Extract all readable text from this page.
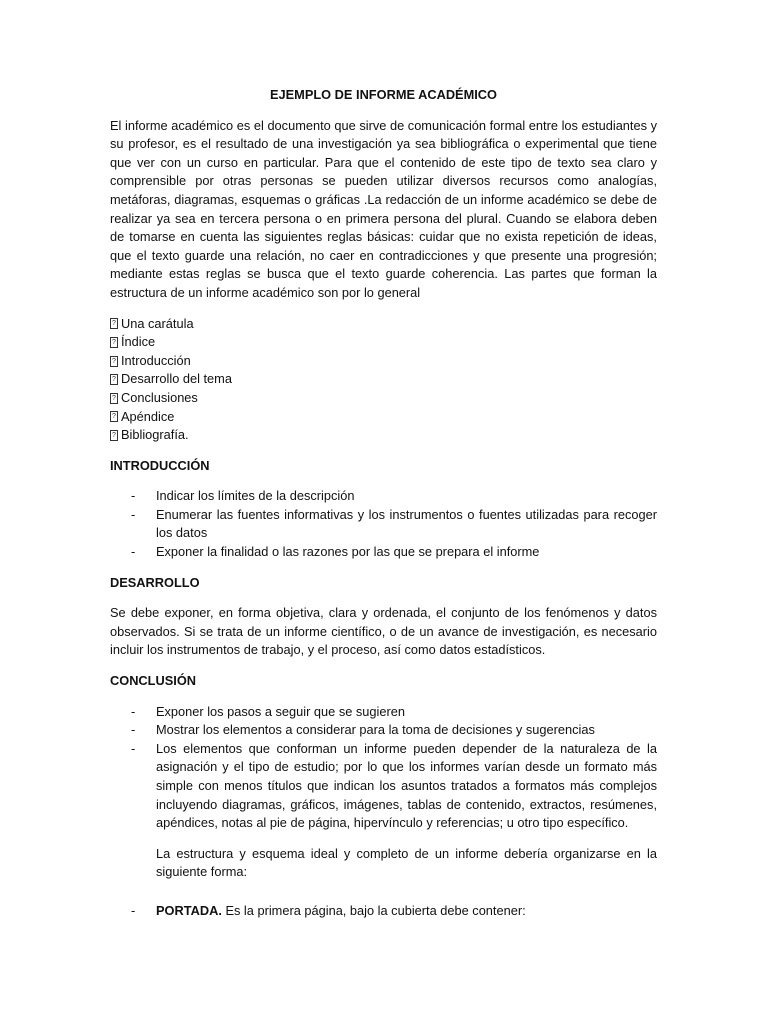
EJEMPLO DE INFORME ACADÉMICO
El informe académico es el documento que sirve de comunicación formal entre los estudiantes y su profesor, es el resultado de una investigación ya sea bibliográfica o experimental que tiene que ver con un curso en particular. Para que el contenido de este tipo de texto sea claro y comprensible por otras personas se pueden utilizar diversos recursos como analogías, metáforas, diagramas, esquemas o gráficas .La redacción de un informe académico se debe de realizar ya sea en tercera persona o en primera persona del plural. Cuando se elabora deben de tomarse en cuenta las siguientes reglas básicas: cuidar que no exista repetición de ideas, que el texto guarde una relación, no caer en contradicciones y que presente una progresión; mediante estas reglas se busca que el texto guarde coherencia. Las partes que forman la estructura de un informe académico son por lo general
? Una carátula
? Índice
? Introducción
? Desarrollo del tema
? Conclusiones
? Apéndice
? Bibliografía.
INTRODUCCIÓN
- Indicar los límites de la descripción
- Enumerar las fuentes informativas y los instrumentos o fuentes utilizadas para recoger los datos
- Exponer la finalidad o las razones por las que se prepara el informe
DESARROLLO
Se debe exponer, en forma objetiva, clara y ordenada, el conjunto de los fenómenos y datos observados. Si se trata de un informe científico, o de un avance de investigación, es necesario incluir los instrumentos de trabajo, y el proceso, así como datos estadísticos.
CONCLUSIÓN
- Exponer los pasos a seguir que se sugieren
- Mostrar los elementos a considerar para la toma de decisiones y sugerencias
- Los elementos que conforman un informe pueden depender de la naturaleza de la asignación y el tipo de estudio; por lo que los informes varían desde un formato más simple con menos títulos que indican los asuntos tratados a formatos más complejos incluyendo diagramas, gráficos, imágenes, tablas de contenido, extractos, resúmenes, apéndices, notas al pie de página, hipervínculo y referencias; u otro tipo específico.
La estructura y esquema ideal y completo de un informe debería organizarse en la siguiente forma:
- PORTADA. Es la primera página, bajo la cubierta debe contener:
